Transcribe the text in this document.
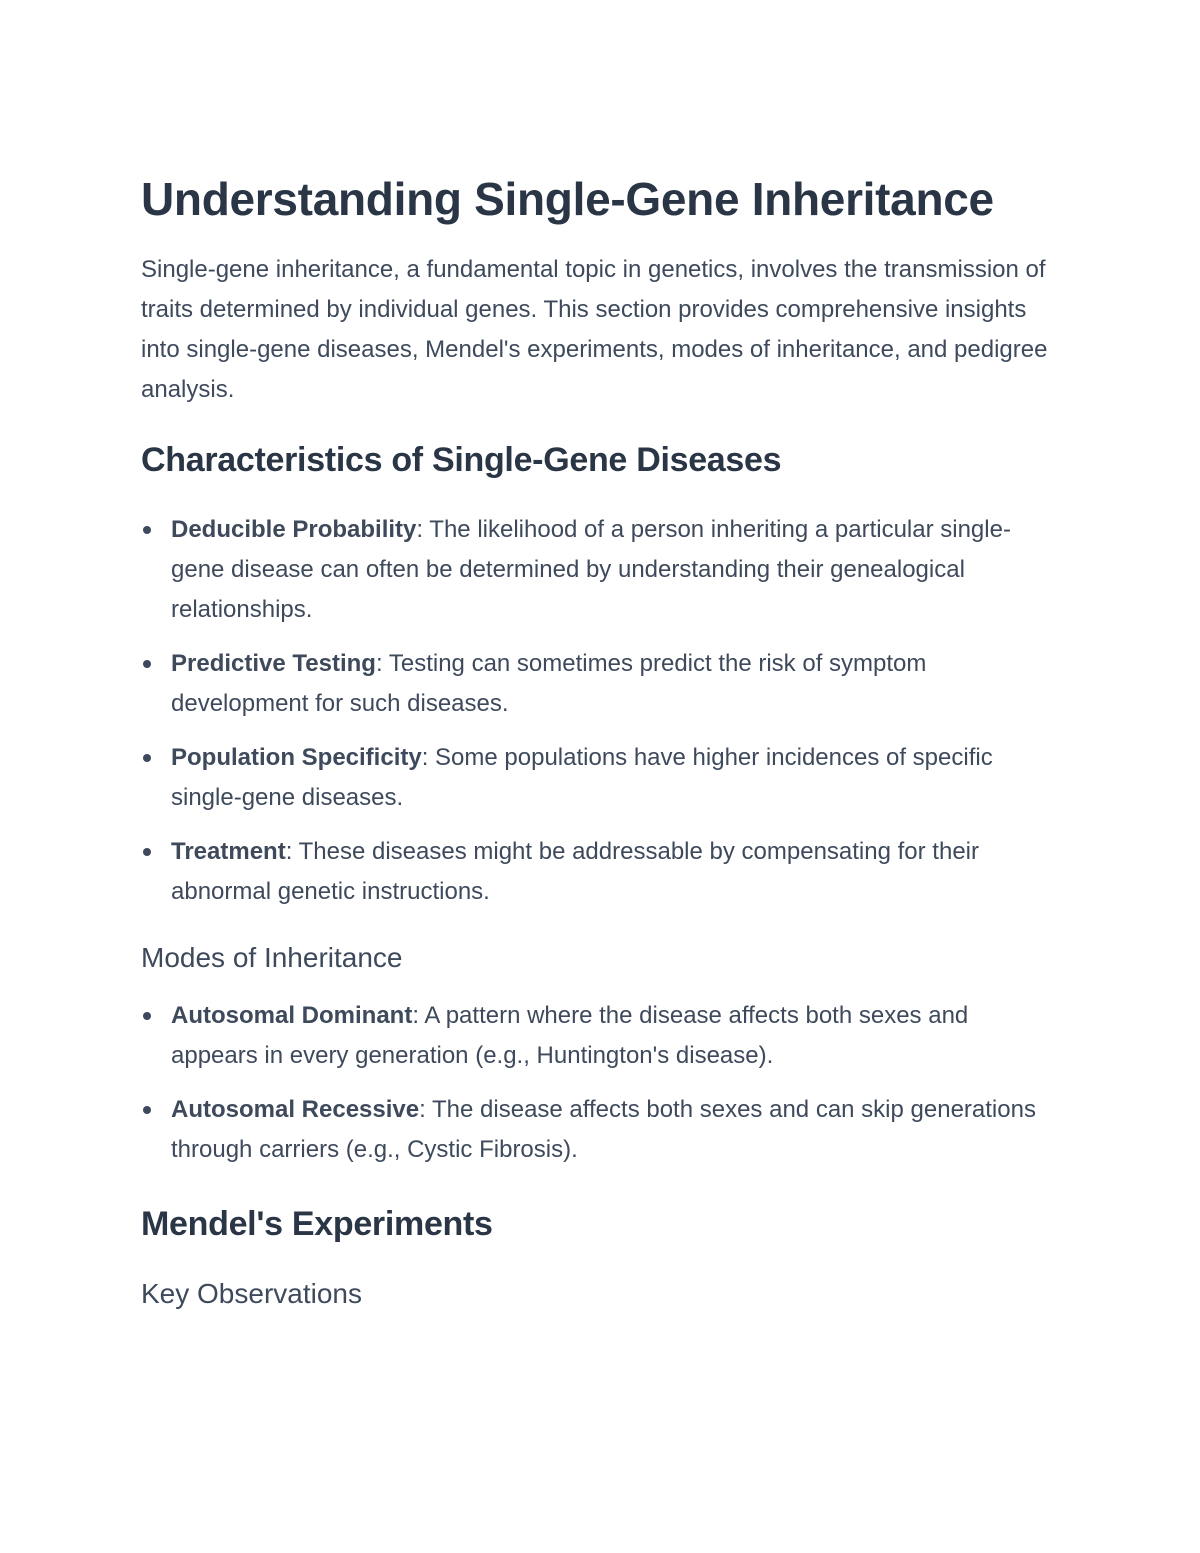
Understanding Single-Gene Inheritance

Single-gene inheritance, a fundamental topic in genetics, involves the transmission of traits determined by individual genes. This section provides comprehensive insights into single-gene diseases, Mendel's experiments, modes of inheritance, and pedigree analysis.

Characteristics of Single-Gene Diseases
Deducible Probability: The likelihood of a person inheriting a particular single-gene disease can often be determined by understanding their genealogical relationships.
Predictive Testing: Testing can sometimes predict the risk of symptom development for such diseases.
Population Specificity: Some populations have higher incidences of specific single-gene diseases.
Treatment: These diseases might be addressable by compensating for their abnormal genetic instructions.
Modes of Inheritance
Autosomal Dominant: A pattern where the disease affects both sexes and appears in every generation (e.g., Huntington's disease).
Autosomal Recessive: The disease affects both sexes and can skip generations through carriers (e.g., Cystic Fibrosis).
Mendel's Experiments
Key Observations
